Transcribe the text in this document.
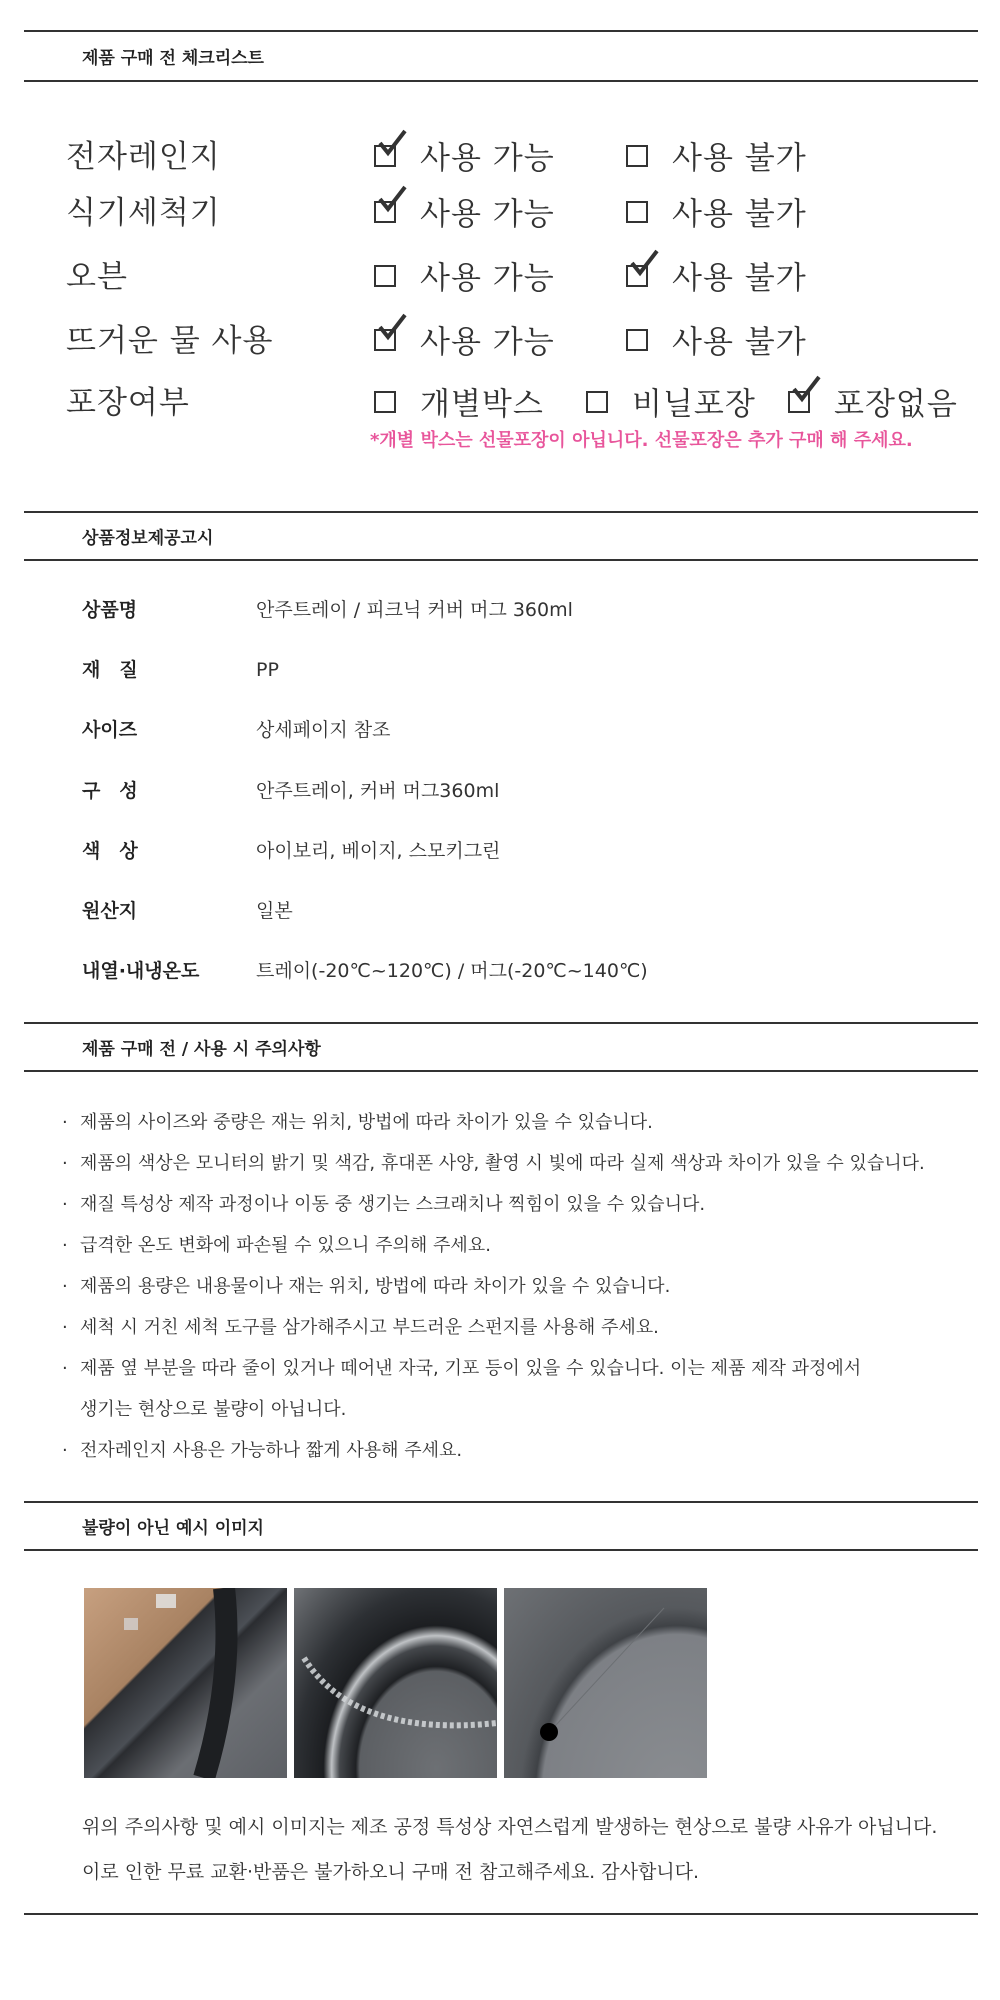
제품 구매 전 체크리스트
전자레인지	사용 가능	사용 불가
식기세척기	사용 가능	사용 불가
오븐	사용 가능	사용 불가
뜨거운 물 사용	사용 가능	사용 불가
포장여부	개별박스	비닐포장	포장없음
*개별 박스는 선물포장이 아닙니다. 선물포장은 추가 구매 해 주세요.
상품정보제공고시
상품명	안주트레이 / 피크닉 커버 머그 360ml
재　질	PP
사이즈	상세페이지 참조
구　성	안주트레이, 커버 머그360ml
색　상	아이보리, 베이지, 스모키그린
원산지	일본
내열·내냉온도	트레이(-20℃~120℃) / 머그(-20℃~140℃)
제품 구매 전 / 사용 시 주의사항
· 제품의 사이즈와 중량은 재는 위치, 방법에 따라 차이가 있을 수 있습니다.
· 제품의 색상은 모니터의 밝기 및 색감, 휴대폰 사양, 촬영 시 빛에 따라 실제 색상과 차이가 있을 수 있습니다.
· 재질 특성상 제작 과정이나 이동 중 생기는 스크래치나 찍힘이 있을 수 있습니다.
· 급격한 온도 변화에 파손될 수 있으니 주의해 주세요.
· 제품의 용량은 내용물이나 재는 위치, 방법에 따라 차이가 있을 수 있습니다.
· 세척 시 거친 세척 도구를 삼가해주시고 부드러운 스펀지를 사용해 주세요.
· 제품 옆 부분을 따라 줄이 있거나 떼어낸 자국, 기포 등이 있을 수 있습니다. 이는 제품 제작 과정에서
생기는 현상으로 불량이 아닙니다.
· 전자레인지 사용은 가능하나 짧게 사용해 주세요.
불량이 아닌 예시 이미지
위의 주의사항 및 예시 이미지는 제조 공정 특성상 자연스럽게 발생하는 현상으로 불량 사유가 아닙니다.
이로 인한 무료 교환·반품은 불가하오니 구매 전 참고해주세요. 감사합니다.
